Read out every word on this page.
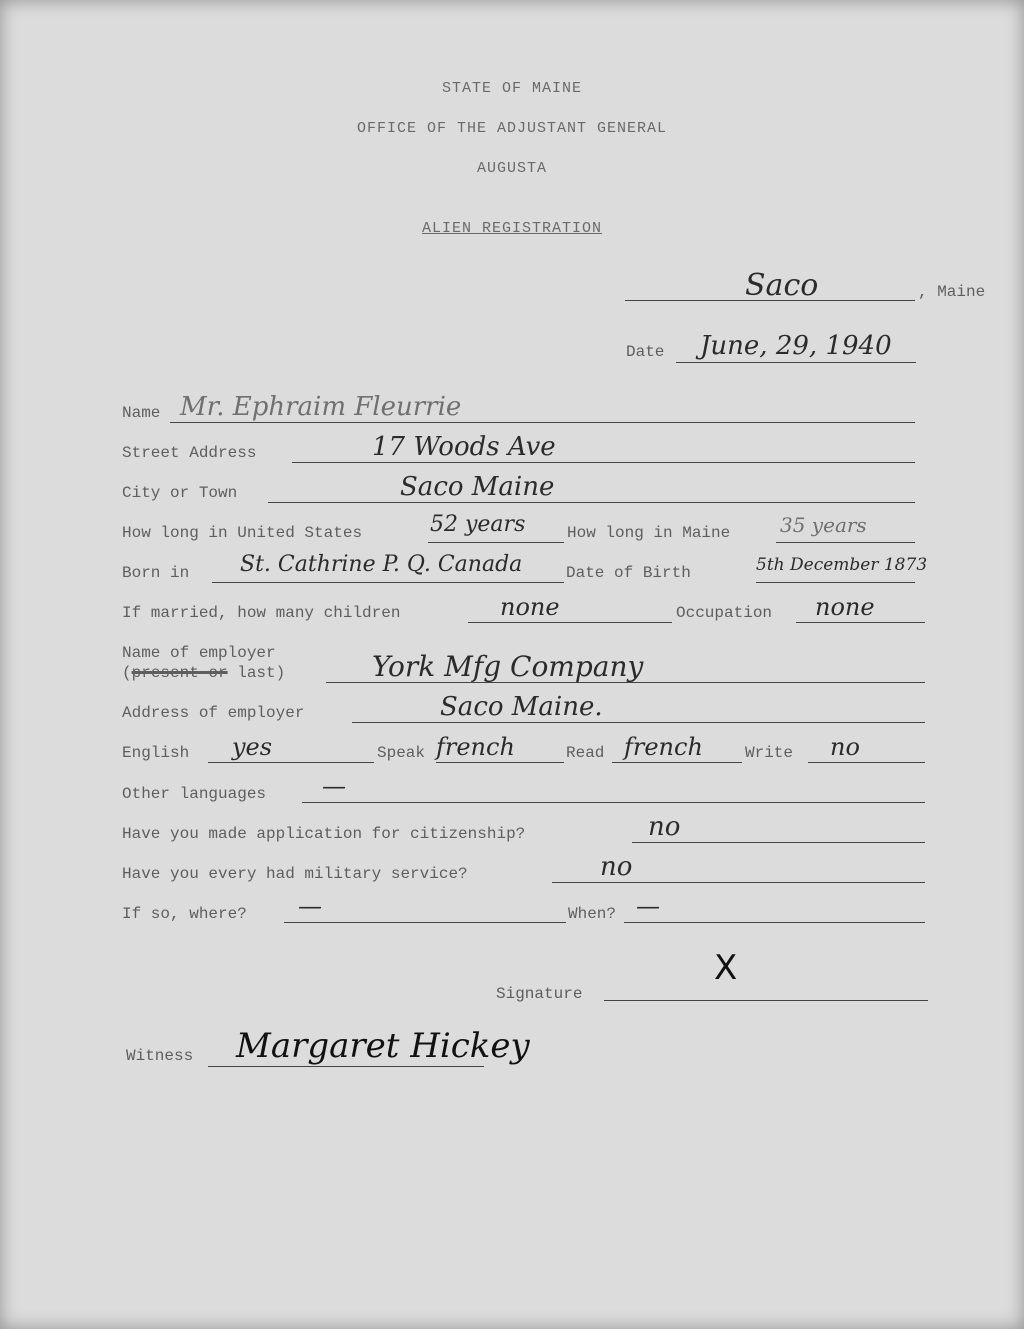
STATE OF MAINE
OFFICE OF THE ADJUSTANT GENERAL
AUGUSTA
ALIEN REGISTRATION
Saco	, Maine
Date June, 29, 1940
Name Mr. Ephraim Fleurrie
Street Address	17 Woods Ave
City or Town	Saco Maine
How long in United States	52 years	How long in Maine 35 years
Born in St. Cathrine P. Q. Canada	Date of Birth	5th December 1873
If married, how many children	none	Occupation none
Name of employer
(present or last)	York Mfg Company
Address of employer	Saco Maine.
English yes	Speak french	Read french	Write no
Other languages —
Have you made application for citizenship?	no
Have you every had military service?	no
If so, where? —	When? —
Signature
X
Witness Margaret Hickey
